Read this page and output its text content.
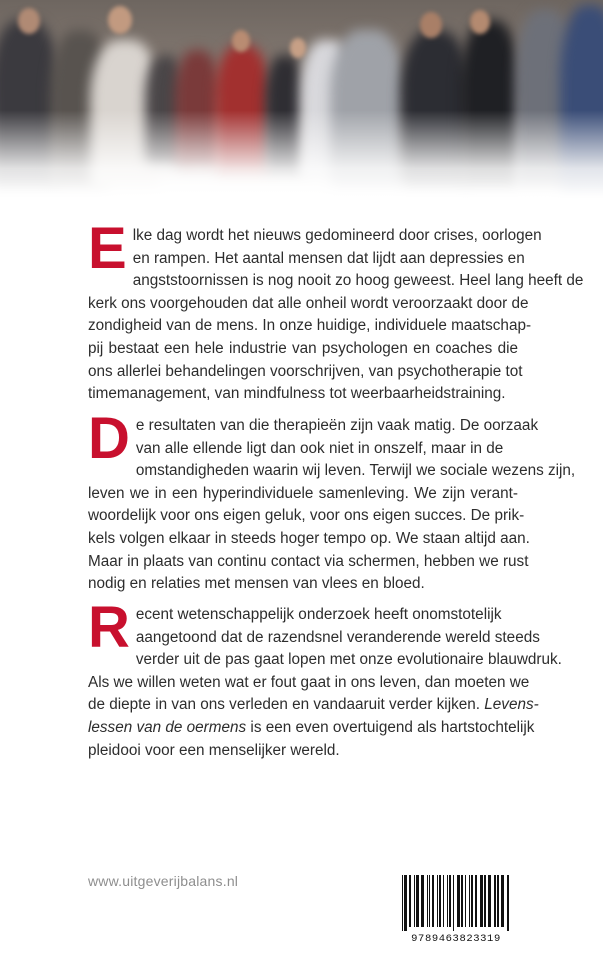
E lke dag wordt het nieuws gedomineerd door crises, oorlogen
en rampen. Het aantal mensen dat lijdt aan depressies en
angststoornissen is nog nooit zo hoog geweest. Heel lang heeft de
kerk ons voorgehouden dat alle onheil wordt veroorzaakt door de
zondigheid van de mens. In onze huidige, individuele maatschap-
pij bestaat een hele industrie van psychologen en coaches die
ons allerlei behandelingen voorschrijven, van psychotherapie tot
timemanagement, van mindfulness tot weerbaarheidstraining.
D e resultaten van die therapieën zijn vaak matig. De oorzaak
van alle ellende ligt dan ook niet in onszelf, maar in de
omstandigheden waarin wij leven. Terwijl we sociale wezens zijn,
leven we in een hyperindividuele samenleving. We zijn verant-
woordelijk voor ons eigen geluk, voor ons eigen succes. De prik-
kels volgen elkaar in steeds hoger tempo op. We staan altijd aan.
Maar in plaats van continu contact via schermen, hebben we rust
nodig en relaties met mensen van vlees en bloed.
R ecent wetenschappelijk onderzoek heeft onomstotelijk
aangetoond dat de razendsnel veranderende wereld steeds
verder uit de pas gaat lopen met onze evolutionaire blauwdruk.
Als we willen weten wat er fout gaat in ons leven, dan moeten we
de diepte in van ons verleden en vandaaruit verder kijken. Levens-
lessen van de oermens is een even overtuigend als hartstochtelijk
pleidooi voor een menselijker wereld.
www.uitgeverijbalans.nl
9789463823319
